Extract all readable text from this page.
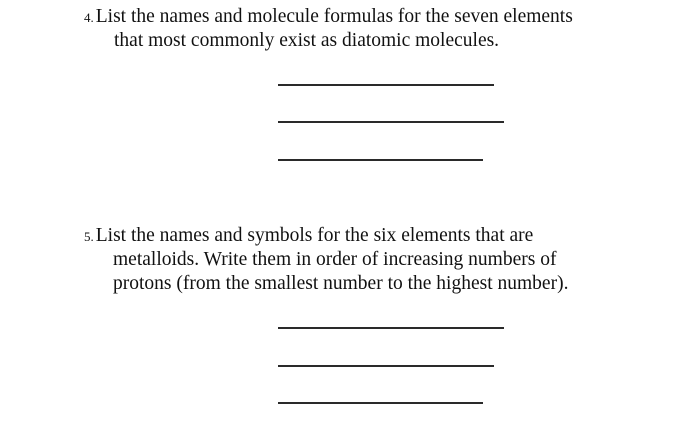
4. List the names and molecule formulas for the seven elements
that most commonly exist as diatomic molecules.
5. List the names and symbols for the six elements that are
metalloids. Write them in order of increasing numbers of
protons (from the smallest number to the highest number).
